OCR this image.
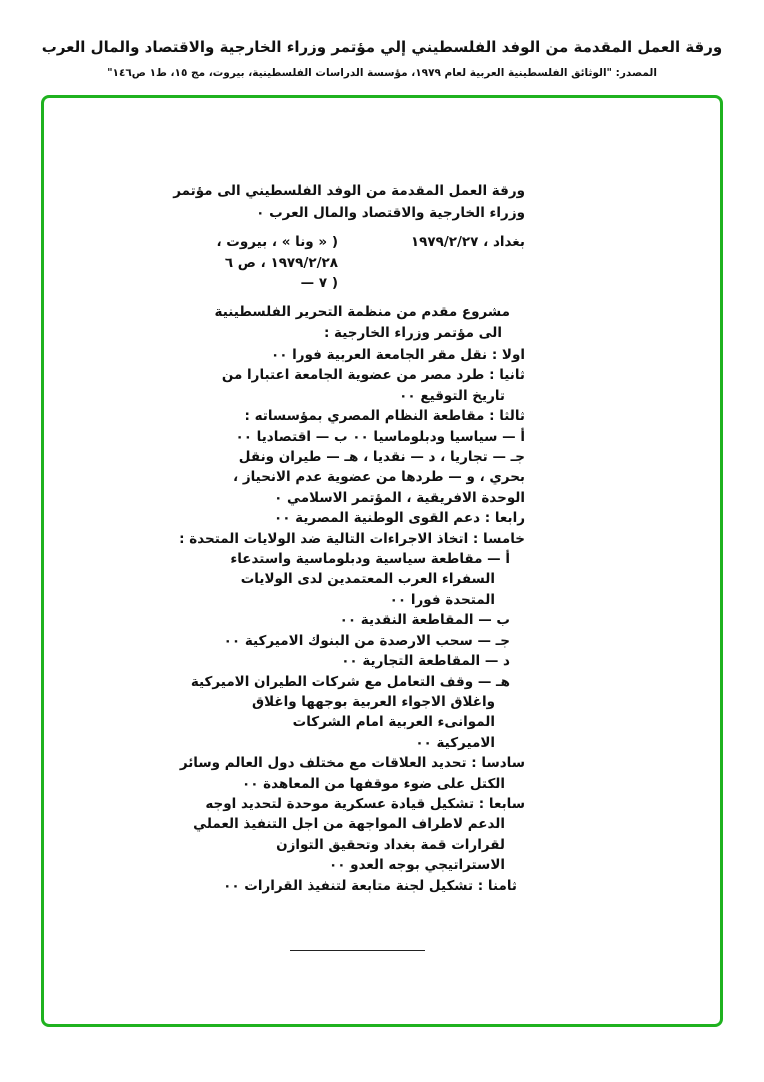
ورقة العمل المقدمة من الوفد الفلسطيني إلي مؤتمر وزراء الخارجية والاقتصاد والمال العرب
المصدر: "الوثائق الفلسطينية العربية لعام ١٩٧٩، مؤسسة الدراسات الفلسطينية، بيروت، مج ١٥، ط١ ص١٤٦"
ورقة العمل المقدمة من الوفد الفلسطيني الى مؤتمر
وزراء الخارجية والاقتصاد والمال العرب ٠
بغداد ، ١٩٧٩/٢/٢٧
( « ونا » ، بيروت ،
١٩٧٩/٢/٢٨ ، ص ٦
( ٧ —
مشروع مقدم من منظمة التحرير الفلسطينية
الى مؤتمر وزراء الخارجية :
اولا : نقل مقر الجامعة العربية فورا ٠٠
ثانيا : طرد مصر من عضوية الجامعة اعتبارا من
تاريخ التوقيع ٠٠
ثالثا : مقاطعة النظام المصري بمؤسساته :
أ — سياسيا ودبلوماسيا ٠٠ ب — اقتصاديا ٠٠
جـ — تجاريا ، د — نقديا ، هـ — طيران ونقل
بحري ، و — طردها من عضوية عدم الانحياز ،
الوحدة الافريقية ، المؤتمر الاسلامي ٠
رابعا : دعم القوى الوطنية المصرية ٠٠
خامسا : اتخاذ الاجراءات التالية ضد الولايات المتحدة :
أ — مقاطعة سياسية ودبلوماسية واستدعاء
السفراء العرب المعتمدين لدى الولايات
المتحدة فورا ٠٠
ب — المقاطعة النقدية ٠٠
جـ — سحب الارصدة من البنوك الاميركية ٠٠
د — المقاطعة التجارية ٠٠
هـ — وقف التعامل مع شركات الطيران الاميركية
واغلاق الاجواء العربية بوجهها واغلاق
الموانىء العربية امام الشركات
الاميركية ٠٠
سادسا : تحديد العلاقات مع مختلف دول العالم وسائر
الكتل على ضوء موقفها من المعاهدة ٠٠
سابعا : تشكيل قيادة عسكرية موحدة لتحديد اوجه
الدعم لاطراف المواجهة من اجل التنفيذ العملي
لقرارات قمة بغداد وتحقيق التوازن
الاستراتيجي بوجه العدو ٠٠
ثامنا : تشكيل لجنة متابعة لتنفيذ القرارات ٠٠
